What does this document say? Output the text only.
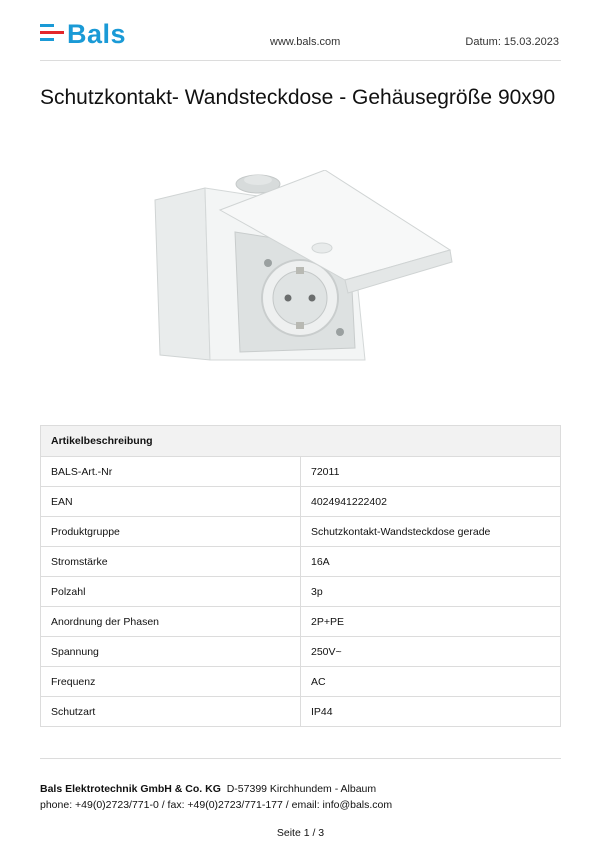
Bals	www.bals.com	Datum: 15.03.2023
Schutzkontakt- Wandsteckdose - Gehäusegröße 90x90
Artikelbeschreibung	
BALS-Art.-Nr	72011
EAN	4024941222402
Produktgruppe	Schutzkontakt-Wandsteckdose gerade
Stromstärke	16A
Polzahl	3p
Anordnung der Phasen	2P+PE
Spannung	250V~
Frequenz	AC
Schutzart	IP44
Bals Elektrotechnik GmbH & Co. KG D-57399 Kirchhundem - Albaum
phone: +49(0)2723/771-0 / fax: +49(0)2723/771-177 / email: info@bals.com
Seite 1 / 3
